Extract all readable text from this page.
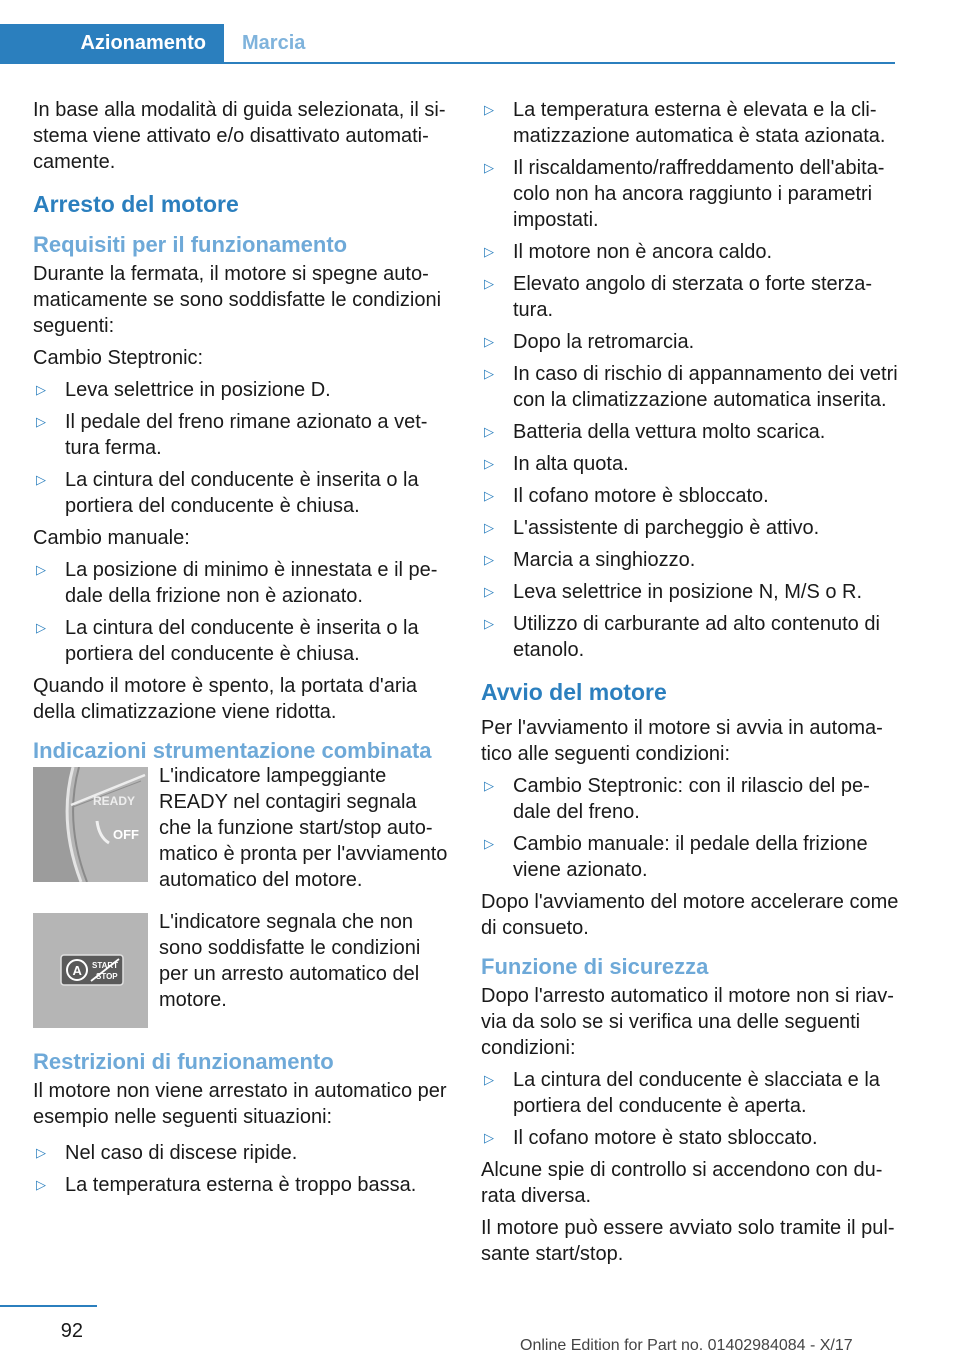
Azionamento	Marcia

In base alla modalità di guida selezionata, il sistema viene attivato e/o disattivato automaticamente.

Arresto del motore
Requisiti per il funzionamento

Durante la fermata, il motore si spegne automaticamente se sono soddisfatte le condizioni seguenti:

Cambio Steptronic:

▷ Leva selettrice in posizione D.
▷ Il pedale del freno rimane azionato a vettura ferma.
▷ La cintura del conducente è inserita o la portiera del conducente è chiusa.

Cambio manuale:

▷ La posizione di minimo è innestata e il pedale della frizione non è azionato.
▷ La cintura del conducente è inserita o la portiera del conducente è chiusa.

Quando il motore è spento, la portata d'aria della climatizzazione viene ridotta.

Indicazioni strumentazione combinata
READY
OFF
L'indicatore lampeggiante READY nel contagiri segnala che la funzione start/stop automatico è pronta per l'avviamento automatico del motore.
A START
STOP
L'indicatore segnala che non sono soddisfatte le condizioni per un arresto automatico del motore.
Restrizioni di funzionamento

Il motore non viene arrestato in automatico per esempio nelle seguenti situazioni:

▷ Nel caso di discese ripide.
▷ La temperatura esterna è troppo bassa.
▷ La temperatura esterna è elevata e la climatizzazione automatica è stata azionata.
▷ Il riscaldamento/raffreddamento dell'abitacolo non ha ancora raggiunto i parametri impostati.
▷ Il motore non è ancora caldo.
▷ Elevato angolo di sterzata o forte sterzatura.
▷ Dopo la retromarcia.
▷ In caso di rischio di appannamento dei vetri con la climatizzazione automatica inserita.
▷ Batteria della vettura molto scarica.
▷ In alta quota.
▷ Il cofano motore è sbloccato.
▷ L'assistente di parcheggio è attivo.
▷ Marcia a singhiozzo.
▷ Leva selettrice in posizione N, M/S o R.
▷ Utilizzo di carburante ad alto contenuto di etanolo.
Avvio del motore

Per l'avviamento il motore si avvia in automatico alle seguenti condizioni:

▷ Cambio Steptronic: con il rilascio del pedale del freno.
▷ Cambio manuale: il pedale della frizione viene azionato.

Dopo l'avviamento del motore accelerare come di consueto.

Funzione di sicurezza

Dopo l'arresto automatico il motore non si riavvia da solo se si verifica una delle seguenti condizioni:

▷ La cintura del conducente è slacciata e la portiera del conducente è aperta.
▷ Il cofano motore è stato sbloccato.

Alcune spie di controllo si accendono con durata diversa.

Il motore può essere avviato solo tramite il pulsante start/stop.

92
Online Edition for Part no. 01402984084 - X/17
